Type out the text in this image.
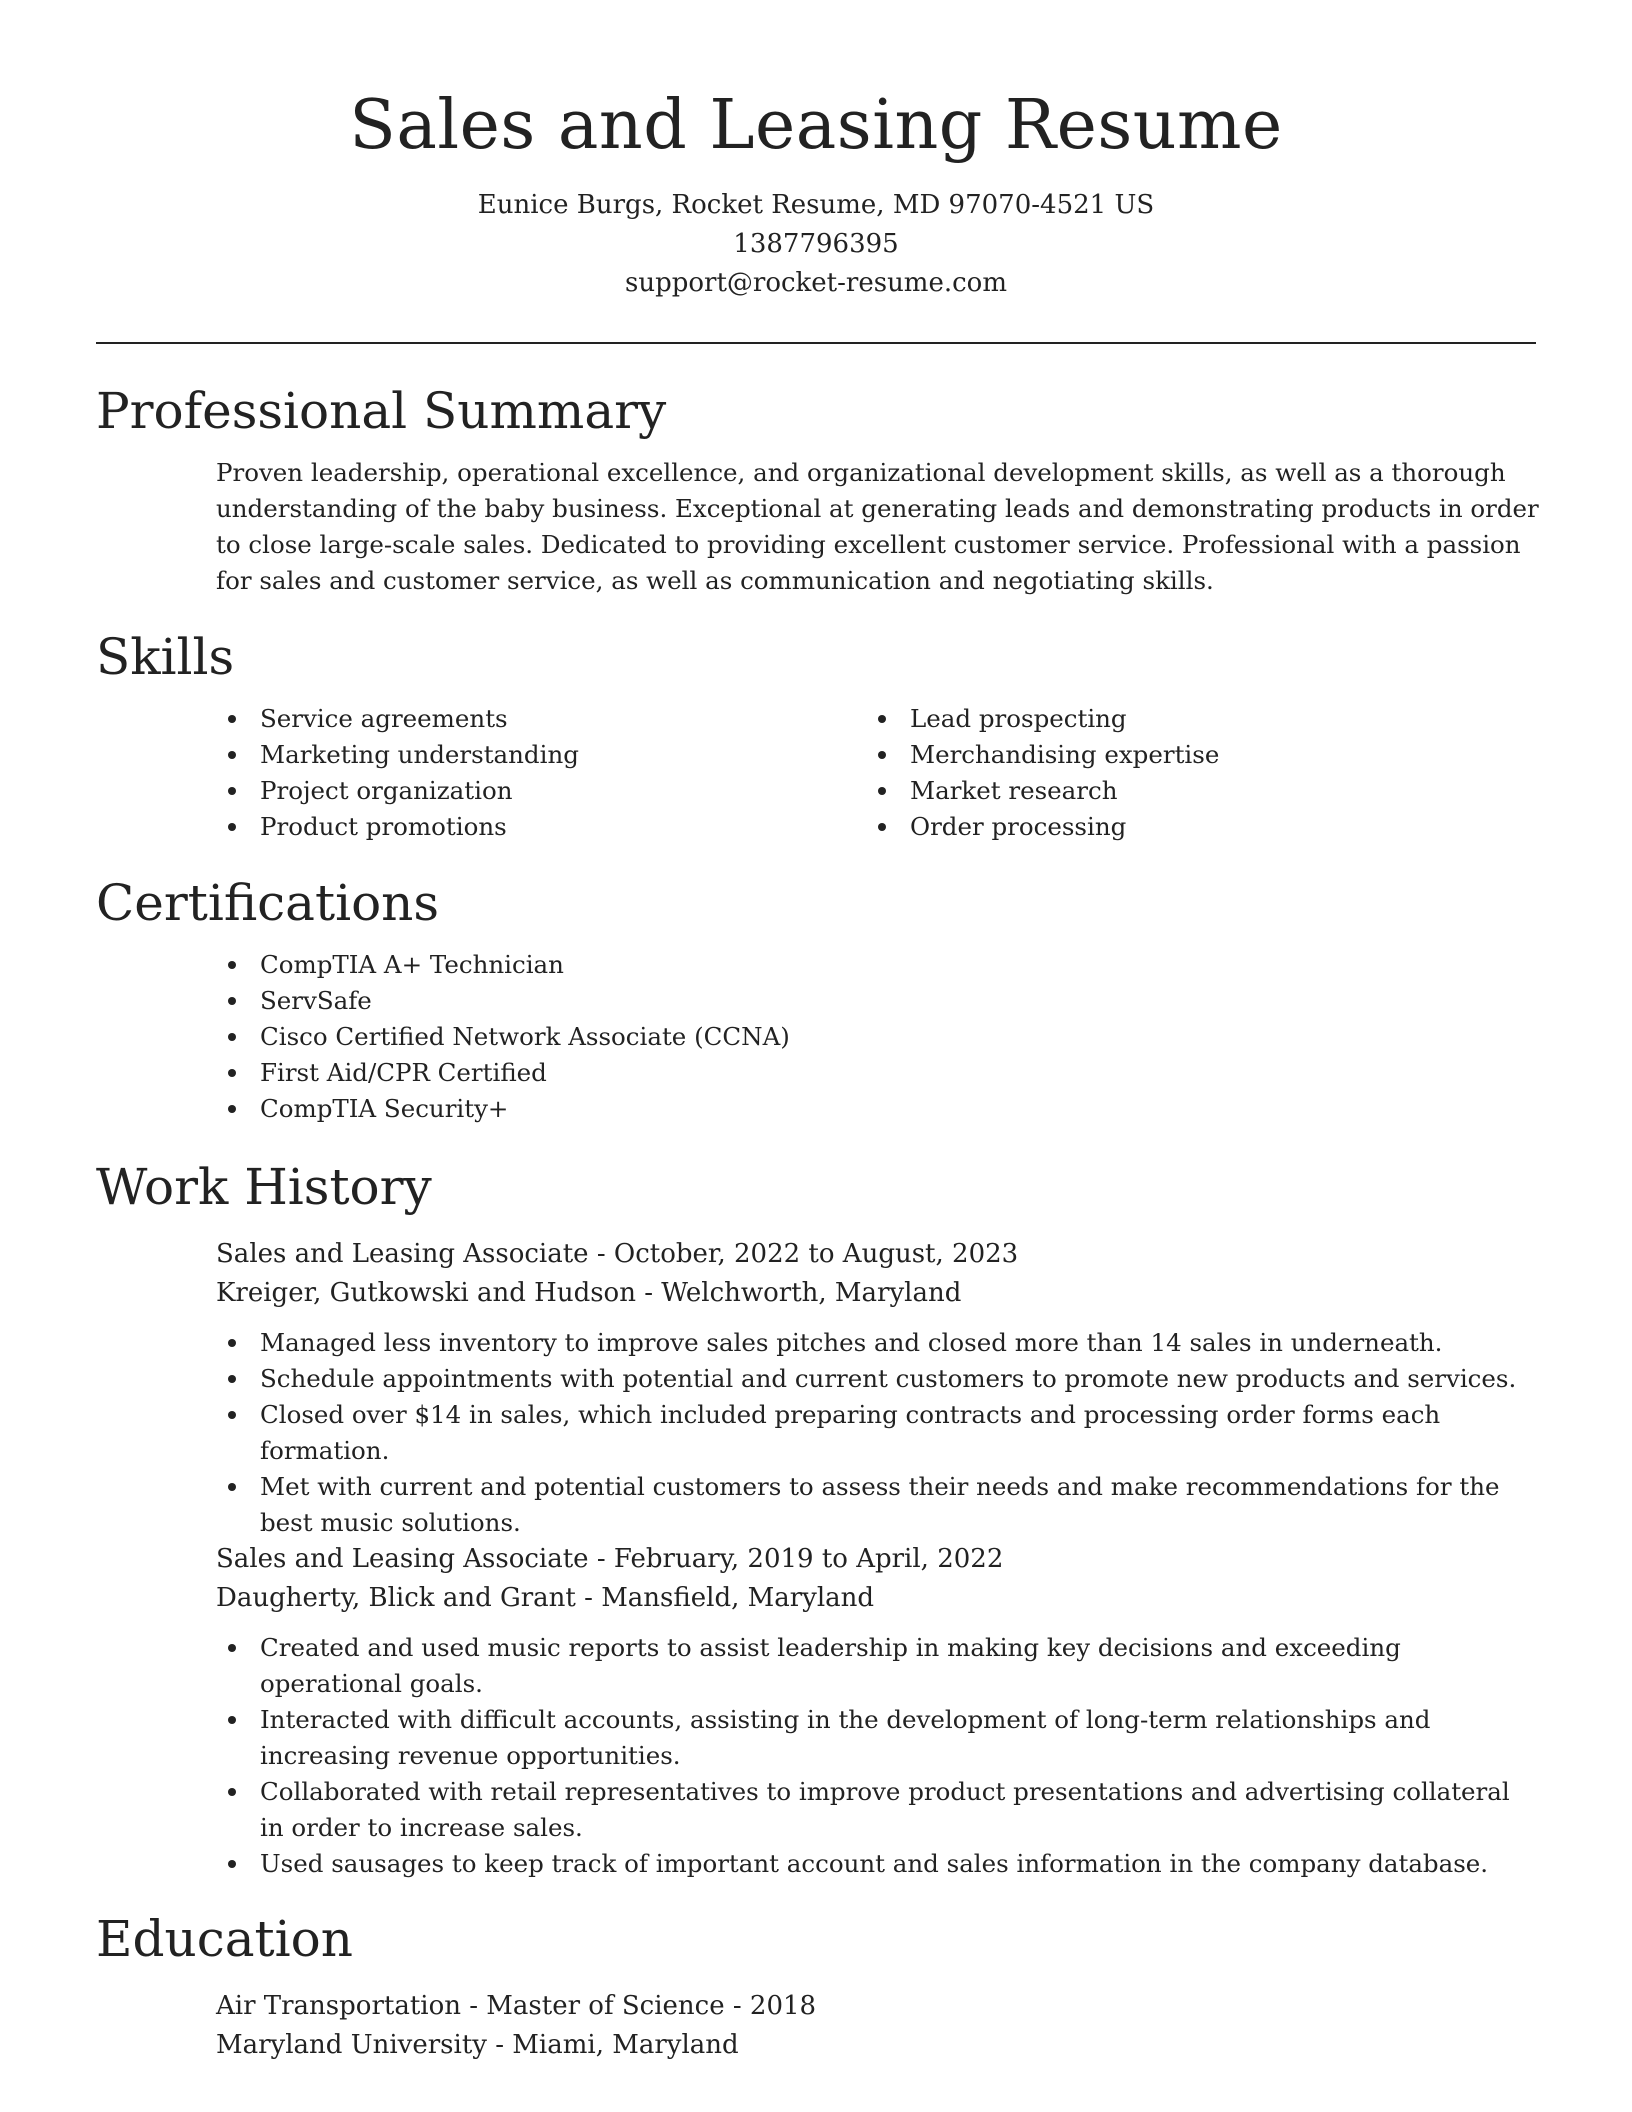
Sales and Leasing Resume
Eunice Burgs, Rocket Resume, MD 97070-4521 US
1387796395
support@rocket-resume.com
Professional Summary
Proven leadership, operational excellence, and organizational development skills, as well as a thorough understanding of the baby business. Exceptional at generating leads and demonstrating products in order to close large-scale sales. Dedicated to providing excellent customer service. Professional with a passion for sales and customer service, as well as communication and negotiating skills.
Skills
Service agreements
Marketing understanding
Project organization
Product promotions
Lead prospecting
Merchandising expertise
Market research
Order processing
Certifications
CompTIA A+ Technician
ServSafe
Cisco Certified Network Associate (CCNA)
First Aid/CPR Certified
CompTIA Security+
Work History
Sales and Leasing Associate - October, 2022 to August, 2023
Kreiger, Gutkowski and Hudson - Welchworth, Maryland
Managed less inventory to improve sales pitches and closed more than 14 sales in underneath.
Schedule appointments with potential and current customers to promote new products and services.
Closed over $14 in sales, which included preparing contracts and processing order forms each formation.
Met with current and potential customers to assess their needs and make recommendations for the best music solutions.
Sales and Leasing Associate - February, 2019 to April, 2022
Daugherty, Blick and Grant - Mansfield, Maryland
Created and used music reports to assist leadership in making key decisions and exceeding operational goals.
Interacted with difficult accounts, assisting in the development of long-term relationships and increasing revenue opportunities.
Collaborated with retail representatives to improve product presentations and advertising collateral in order to increase sales.
Used sausages to keep track of important account and sales information in the company database.
Education
Air Transportation - Master of Science - 2018
Maryland University - Miami, Maryland
